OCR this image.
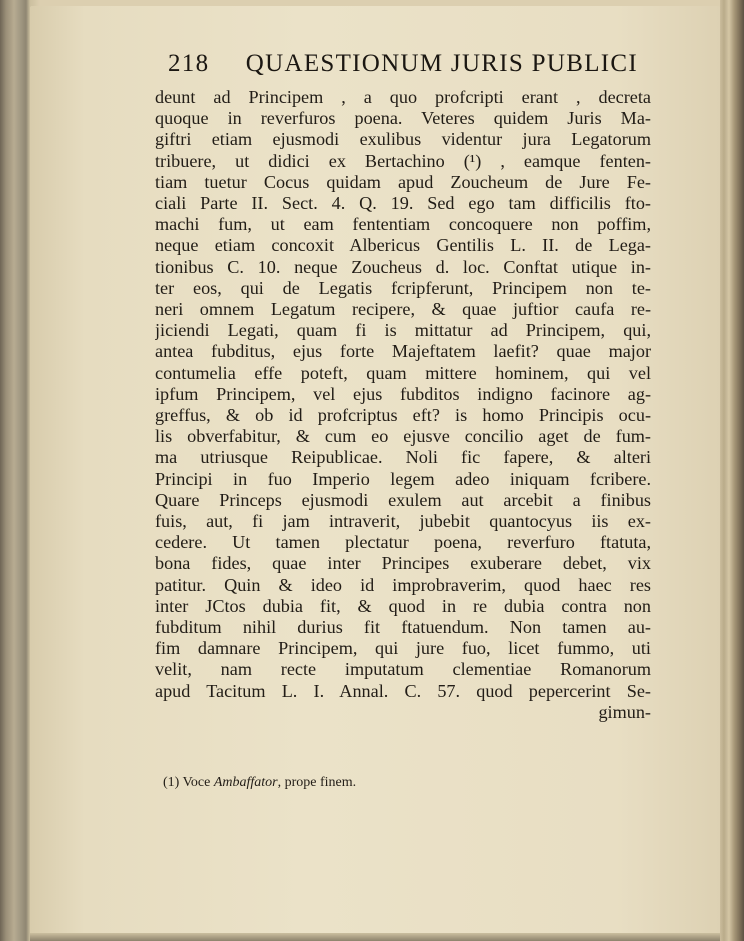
218 QUAESTIONUM JURIS PUBLICI
deunt ad Principem , a quo profcripti erant , decreta
quoque in reverfuros poena. Veteres quidem Juris Ma-
giftri etiam ejusmodi exulibus videntur jura Legatorum
tribuere, ut didici ex Bertachino (¹) , eamque fenten-
tiam tuetur Cocus quidam apud Zoucheum de Jure Fe-
ciali Parte II. Sect. 4. Q. 19. Sed ego tam difficilis fto-
machi fum, ut eam fententiam concoquere non poffim,
neque etiam concoxit Albericus Gentilis L. II. de Lega-
tionibus C. 10. neque Zoucheus d. loc. Conftat utique in-
ter eos, qui de Legatis fcripferunt, Principem non te-
neri omnem Legatum recipere, & quae juftior caufa re-
jiciendi Legati, quam fi is mittatur ad Principem, qui,
antea fubditus, ejus forte Majeftatem laefit? quae major
contumelia effe poteft, quam mittere hominem, qui vel
ipfum Principem, vel ejus fubditos indigno facinore ag-
greffus, & ob id profcriptus eft? is homo Principis ocu-
lis obverfabitur, & cum eo ejusve concilio aget de fum-
ma utriusque Reipublicae. Noli fic fapere, & alteri
Principi in fuo Imperio legem adeo iniquam fcribere.
Quare Princeps ejusmodi exulem aut arcebit a finibus
fuis, aut, fi jam intraverit, jubebit quantocyus iis ex-
cedere. Ut tamen plectatur poena, reverfuro ftatuta,
bona fides, quae inter Principes exuberare debet, vix
patitur. Quin & ideo id improbraverim, quod haec res
inter JCtos dubia fit, & quod in re dubia contra non
fubditum nihil durius fit ftatuendum. Non tamen au-
fim damnare Principem, qui jure fuo, licet fummo, uti
velit, nam recte imputatum clementiae Romanorum
apud Tacitum L. I. Annal. C. 57. quod pepercerint Se-
gimun-
(1) Voce Ambaffator, prope finem.
